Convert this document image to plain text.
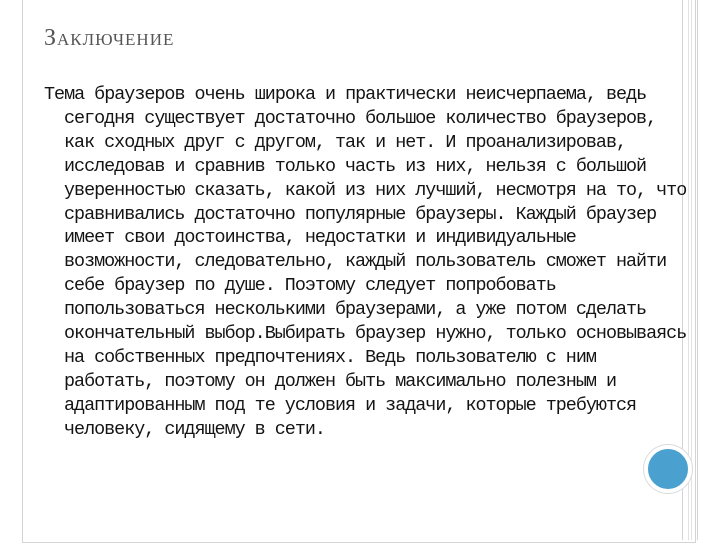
ЗАКЛЮЧЕНИЕ

Тема браузеров очень широка и практически неисчерпаема, ведь сегодня существует достаточно большое количество браузеров, как сходных друг с другом, так и нет. И проанализировав, исследовав и сравнив только часть из них, нельзя с большой уверенностью сказать, какой из них лучший, несмотря на то, что сравнивались достаточно популярные браузеры. Каждый браузер имеет свои достоинства, недостатки и индивидуальные возможности, следовательно, каждый пользователь сможет найти себе браузер по душе. Поэтому следует попробовать попользоваться несколькими браузерами, а уже потом сделать окончательный выбор.Выбирать браузер нужно, только основываясь на собственных предпочтениях. Ведь пользователю с ним работать, поэтому он должен быть максимально полезным и адаптированным под те условия и задачи, которые требуются человеку, сидящему в сети.
